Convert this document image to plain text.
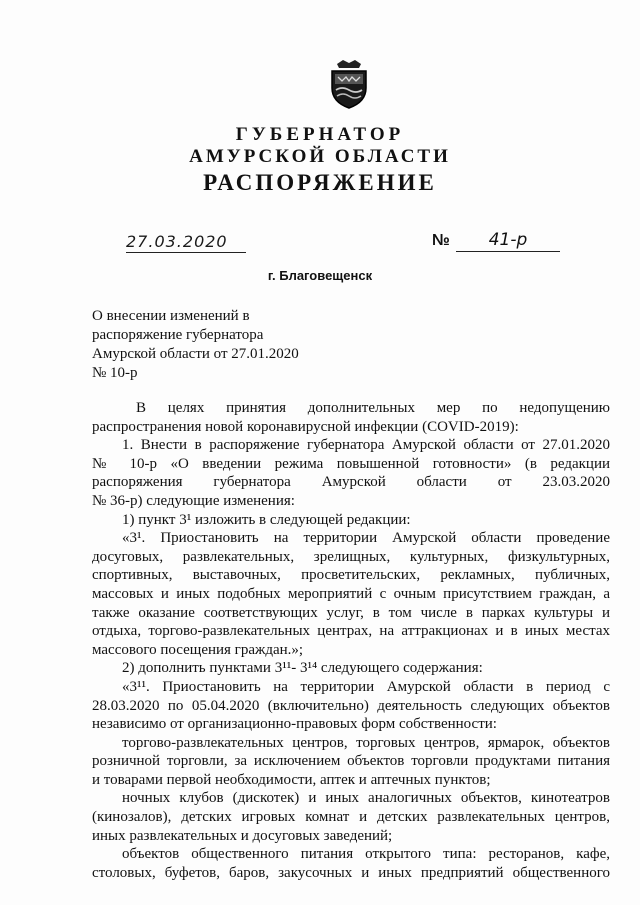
ГУБЕРНАТОР
АМУРСКОЙ ОБЛАСТИ
РАСПОРЯЖЕНИЕ
27.03.2020	№	41-р
г. Благовещенск
О внесении изменений в
распоряжение губернатора
Амурской области от 27.01.2020
№ 10-р
В целях принятия дополнительных мер по недопущению
распространения новой коронавирусной инфекции (COVID-2019):
1. Внести в распоряжение губернатора Амурской области от 27.01.2020
№ 10-р «О введении режима повышенной готовности» (в редакции
распоряжения губернатора Амурской области от 23.03.2020
№ 36-р) следующие изменения:
1) пункт 3¹ изложить в следующей редакции:
«3¹. Приостановить на территории Амурской области проведение
досуговых, развлекательных, зрелищных, культурных, физкультурных,
спортивных, выставочных, просветительских, рекламных, публичных,
массовых и иных подобных мероприятий с очным присутствием граждан, а
также оказание соответствующих услуг, в том числе в парках культуры и
отдыха, торгово-развлекательных центрах, на аттракционах и в иных местах
массового посещения граждан.»;
2) дополнить пунктами 3¹¹- 3¹⁴ следующего содержания:
«3¹¹. Приостановить на территории Амурской области в период с
28.03.2020 по 05.04.2020 (включительно) деятельность следующих объектов
независимо от организационно-правовых форм собственности:
торгово-развлекательных центров, торговых центров, ярмарок, объектов
розничной торговли, за исключением объектов торговли продуктами питания
и товарами первой необходимости, аптек и аптечных пунктов;
ночных клубов (дискотек) и иных аналогичных объектов, кинотеатров
(кинозалов), детских игровых комнат и детских развлекательных центров,
иных развлекательных и досуговых заведений;
объектов общественного питания открытого типа: ресторанов, кафе,
столовых, буфетов, баров, закусочных и иных предприятий общественного
